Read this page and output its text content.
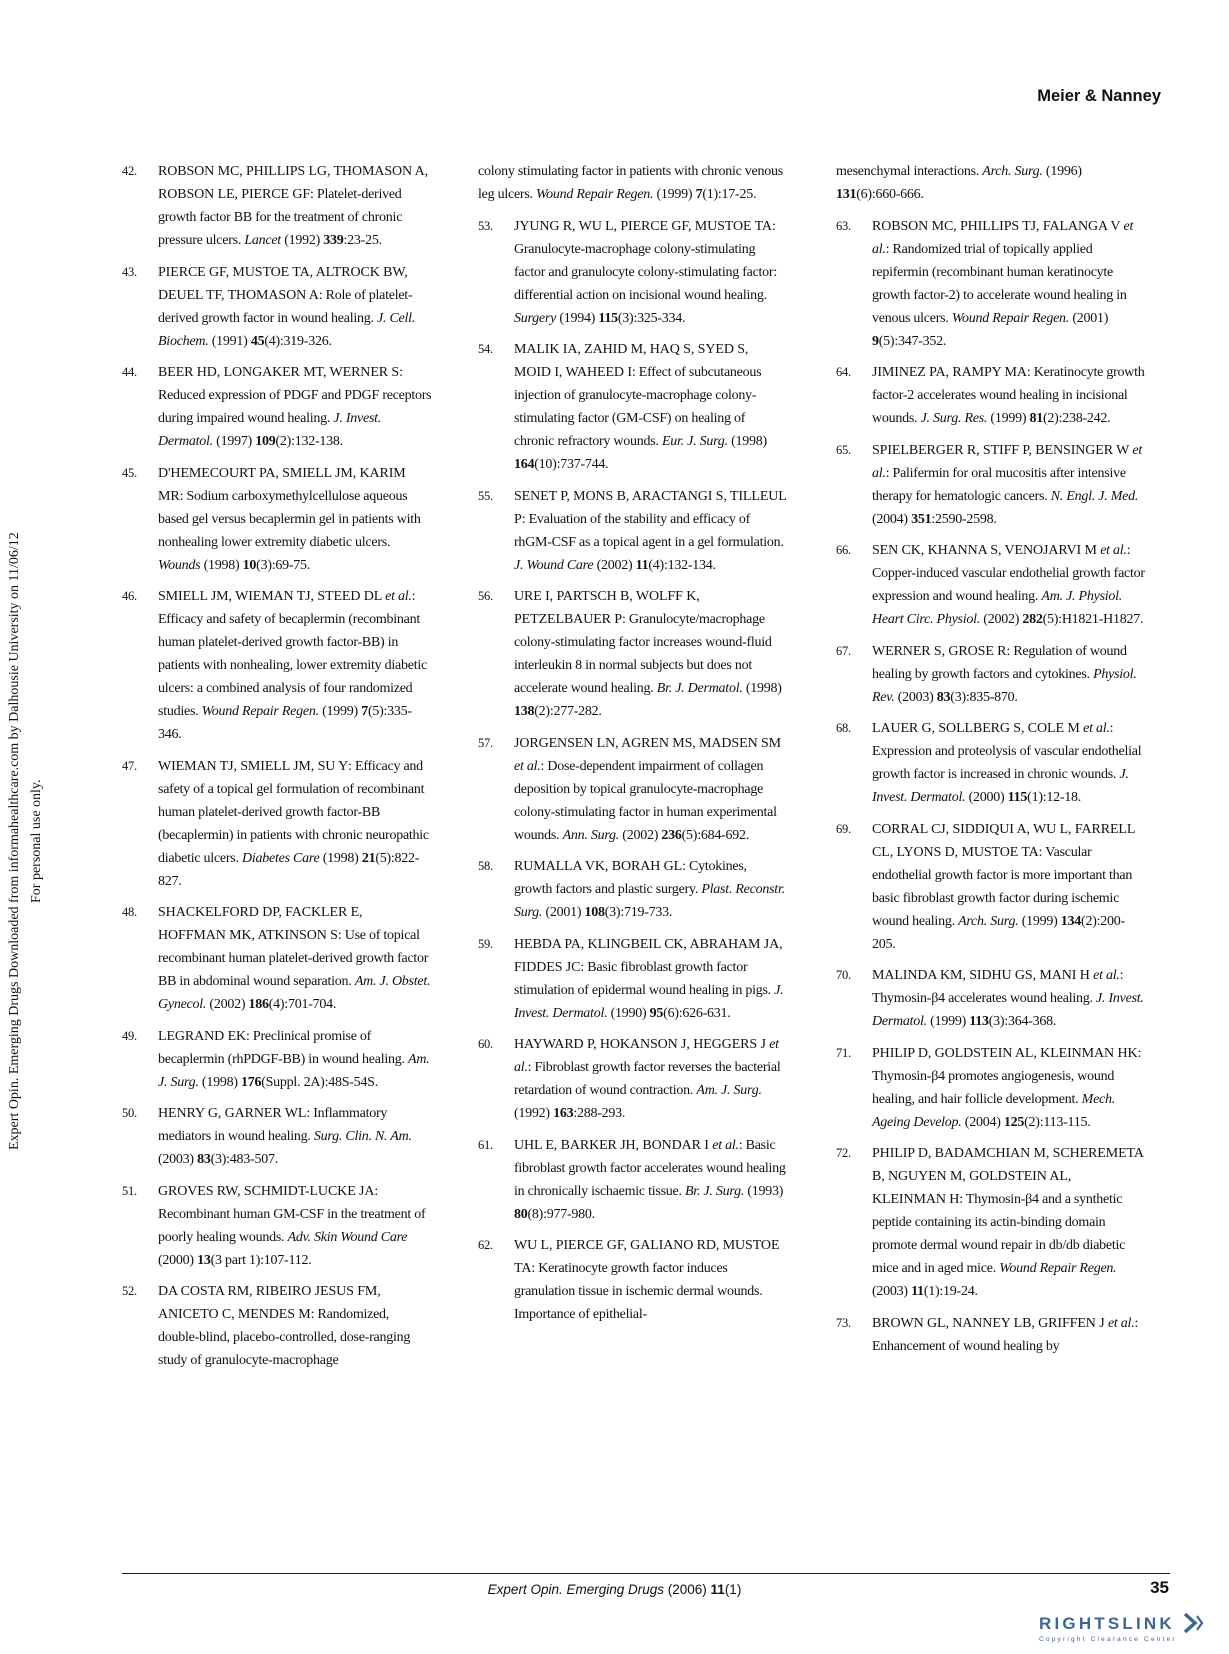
Expert Opin. Emerging Drugs Downloaded from informahealthcare.com by Dalhousie University on 11/06/12 For personal use only.
Meier & Nanney
42.	ROBSON MC, PHILLIPS LG, THOMASON A, ROBSON LE, PIERCE GF: Platelet-derived growth factor BB for the treatment of chronic pressure ulcers. Lancet (1992) 339:23-25.
43.	PIERCE GF, MUSTOE TA, ALTROCK BW, DEUEL TF, THOMASON A: Role of platelet-derived growth factor in wound healing. J. Cell. Biochem. (1991) 45(4):319-326.
44.	BEER HD, LONGAKER MT, WERNER S: Reduced expression of PDGF and PDGF receptors during impaired wound healing. J. Invest. Dermatol. (1997) 109(2):132-138.
45.	D'HEMECOURT PA, SMIELL JM, KARIM MR: Sodium carboxymethylcellulose aqueous based gel versus becaplermin gel in patients with nonhealing lower extremity diabetic ulcers. Wounds (1998) 10(3):69-75.
46.	SMIELL JM, WIEMAN TJ, STEED DL et al.: Efficacy and safety of becaplermin (recombinant human platelet-derived growth factor-BB) in patients with nonhealing, lower extremity diabetic ulcers: a combined analysis of four randomized studies. Wound Repair Regen. (1999) 7(5):335-346.
47.	WIEMAN TJ, SMIELL JM, SU Y: Efficacy and safety of a topical gel formulation of recombinant human platelet-derived growth factor-BB (becaplermin) in patients with chronic neuropathic diabetic ulcers. Diabetes Care (1998) 21(5):822-827.
48.	SHACKELFORD DP, FACKLER E, HOFFMAN MK, ATKINSON S: Use of topical recombinant human platelet-derived growth factor BB in abdominal wound separation. Am. J. Obstet. Gynecol. (2002) 186(4):701-704.
49.	LEGRAND EK: Preclinical promise of becaplermin (rhPDGF-BB) in wound healing. Am. J. Surg. (1998) 176(Suppl. 2A):48S-54S.
50.	HENRY G, GARNER WL: Inflammatory mediators in wound healing. Surg. Clin. N. Am. (2003) 83(3):483-507.
51.	GROVES RW, SCHMIDT-LUCKE JA: Recombinant human GM-CSF in the treatment of poorly healing wounds. Adv. Skin Wound Care (2000) 13(3 part 1):107-112.
52.	DA COSTA RM, RIBEIRO JESUS FM, ANICETO C, MENDES M: Randomized, double-blind, placebo-controlled, dose-ranging study of granulocyte-macrophage
colony stimulating factor in patients with chronic venous leg ulcers. Wound Repair Regen. (1999) 7(1):17-25.
53.	JYUNG R, WU L, PIERCE GF, MUSTOE TA: Granulocyte-macrophage colony-stimulating factor and granulocyte colony-stimulating factor: differential action on incisional wound healing. Surgery (1994) 115(3):325-334.
54.	MALIK IA, ZAHID M, HAQ S, SYED S, MOID I, WAHEED I: Effect of subcutaneous injection of granulocyte-macrophage colony-stimulating factor (GM-CSF) on healing of chronic refractory wounds. Eur. J. Surg. (1998) 164(10):737-744.
55.	SENET P, MONS B, ARACTANGI S, TILLEUL P: Evaluation of the stability and efficacy of rhGM-CSF as a topical agent in a gel formulation. J. Wound Care (2002) 11(4):132-134.
56.	URE I, PARTSCH B, WOLFF K, PETZELBAUER P: Granulocyte/macrophage colony-stimulating factor increases wound-fluid interleukin 8 in normal subjects but does not accelerate wound healing. Br. J. Dermatol. (1998) 138(2):277-282.
57.	JORGENSEN LN, AGREN MS, MADSEN SM et al.: Dose-dependent impairment of collagen deposition by topical granulocyte-macrophage colony-stimulating factor in human experimental wounds. Ann. Surg. (2002) 236(5):684-692.
58.	RUMALLA VK, BORAH GL: Cytokines, growth factors and plastic surgery. Plast. Reconstr. Surg. (2001) 108(3):719-733.
59.	HEBDA PA, KLINGBEIL CK, ABRAHAM JA, FIDDES JC: Basic fibroblast growth factor stimulation of epidermal wound healing in pigs. J. Invest. Dermatol. (1990) 95(6):626-631.
60.	HAYWARD P, HOKANSON J, HEGGERS J et al.: Fibroblast growth factor reverses the bacterial retardation of wound contraction. Am. J. Surg. (1992) 163:288-293.
61.	UHL E, BARKER JH, BONDAR I et al.: Basic fibroblast growth factor accelerates wound healing in chronically ischaemic tissue. Br. J. Surg. (1993) 80(8):977-980.
62.	WU L, PIERCE GF, GALIANO RD, MUSTOE TA: Keratinocyte growth factor induces granulation tissue in ischemic dermal wounds. Importance of epithelial-
mesenchymal interactions. Arch. Surg. (1996) 131(6):660-666.
63.	ROBSON MC, PHILLIPS TJ, FALANGA V et al.: Randomized trial of topically applied repifermin (recombinant human keratinocyte growth factor-2) to accelerate wound healing in venous ulcers. Wound Repair Regen. (2001) 9(5):347-352.
64.	JIMINEZ PA, RAMPY MA: Keratinocyte growth factor-2 accelerates wound healing in incisional wounds. J. Surg. Res. (1999) 81(2):238-242.
65.	SPIELBERGER R, STIFF P, BENSINGER W et al.: Palifermin for oral mucositis after intensive therapy for hematologic cancers. N. Engl. J. Med. (2004) 351:2590-2598.
66.	SEN CK, KHANNA S, VENOJARVI M et al.: Copper-induced vascular endothelial growth factor expression and wound healing. Am. J. Physiol. Heart Circ. Physiol. (2002) 282(5):H1821-H1827.
67.	WERNER S, GROSE R: Regulation of wound healing by growth factors and cytokines. Physiol. Rev. (2003) 83(3):835-870.
68.	LAUER G, SOLLBERG S, COLE M et al.: Expression and proteolysis of vascular endothelial growth factor is increased in chronic wounds. J. Invest. Dermatol. (2000) 115(1):12-18.
69.	CORRAL CJ, SIDDIQUI A, WU L, FARRELL CL, LYONS D, MUSTOE TA: Vascular endothelial growth factor is more important than basic fibroblast growth factor during ischemic wound healing. Arch. Surg. (1999) 134(2):200-205.
70.	MALINDA KM, SIDHU GS, MANI H et al.: Thymosin-β4 accelerates wound healing. J. Invest. Dermatol. (1999) 113(3):364-368.
71.	PHILIP D, GOLDSTEIN AL, KLEINMAN HK: Thymosin-β4 promotes angiogenesis, wound healing, and hair follicle development. Mech. Ageing Develop. (2004) 125(2):113-115.
72.	PHILIP D, BADAMCHIAN M, SCHEREMETA B, NGUYEN M, GOLDSTEIN AL, KLEINMAN H: Thymosin-β4 and a synthetic peptide containing its actin-binding domain promote dermal wound repair in db/db diabetic mice and in aged mice. Wound Repair Regen. (2003) 11(1):19-24.
73.	BROWN GL, NANNEY LB, GRIFFEN J et al.: Enhancement of wound healing by
Expert Opin. Emerging Drugs (2006) 11(1)	35
RIGHTSLINK
Copyright Clearance Center
